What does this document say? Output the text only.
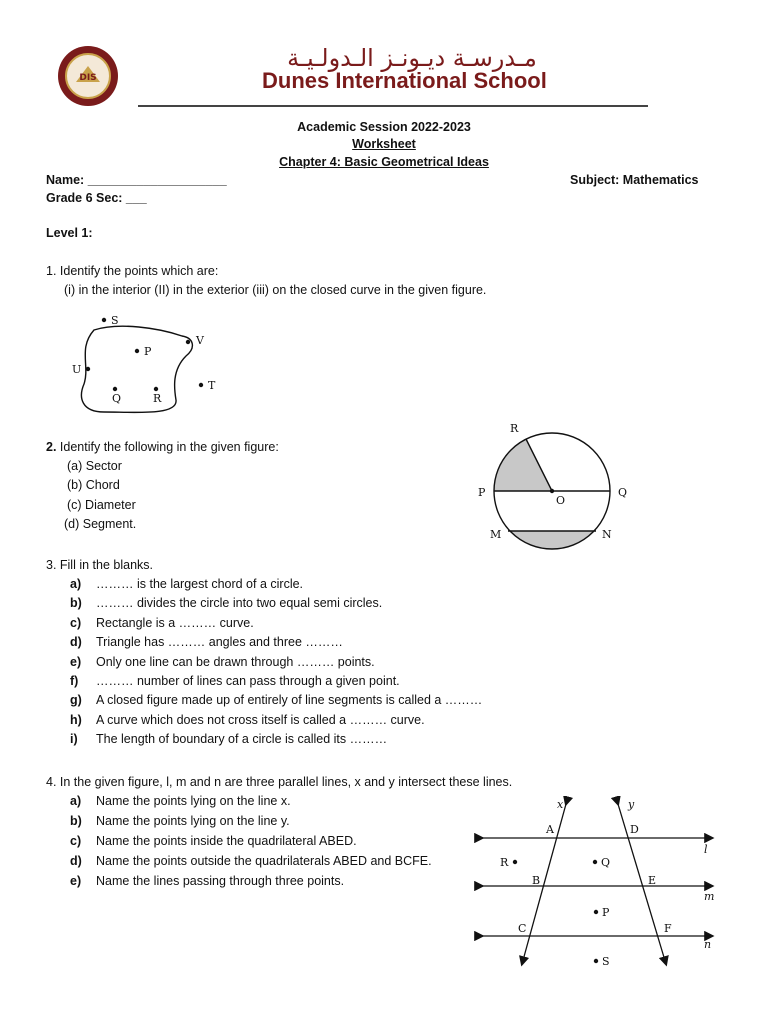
DIS
مـدرسـة ديـونـز الـدولـيـة
Dunes International School
Academic Session 2022-2023
Worksheet
Chapter 4: Basic Geometrical Ideas
Name: ____________________	Subject: Mathematics
Grade 6 Sec: ___
Level 1:
1. Identify the points which are:
(i) in the interior (II) in the exterior (iii) on the closed curve in the given figure.
S
P
V
U
Q	R
T
2. Identify the following in the given figure:
(a) Sector
(b) Chord
(c) Diameter
(d) Segment.
R
P
O
Q
M	N
3. Fill in the blanks.
a) ……… is the largest chord of a circle.
b) ……… divides the circle into two equal semi circles.
c) Rectangle is a ……… curve.
d) Triangle has ……… angles and three ………
e) Only one line can be drawn through ……… points.
f) ……… number of lines can pass through a given point.
g) A closed figure made up of entirely of line segments is called a ………
h) A curve which does not cross itself is called a ……… curve.
i) The length of boundary of a circle is called its ………
4. In the given figure, l, m and n are three parallel lines, x and y intersect these lines.
a) Name the points lying on the line x.
b) Name the points lying on the line y.
c) Name the points inside the quadrilateral ABED.
d) Name the points outside the quadrilaterals ABED and BCFE.
e) Name the lines passing through three points.
x	y
A	D
l
R	Q
B	E
m
P
C	F
n
S
